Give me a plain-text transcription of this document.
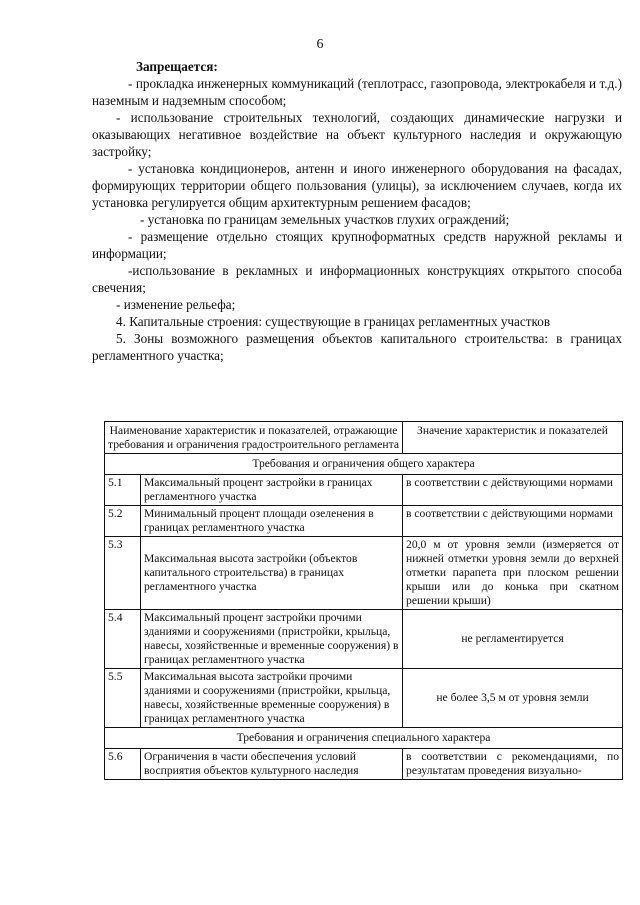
6
Запрещается:
- прокладка инженерных коммуникаций (теплотрасс, газопровода, электрокабеля и т.д.) наземным и надземным способом;
- использование строительных технологий, создающих динамические нагрузки и оказывающих негативное воздействие на объект культурного наследия и окружающую застройку;
- установка кондиционеров, антенн и иного инженерного оборудования на фасадах, формирующих территории общего пользования (улицы), за исключением случаев, когда их установка регулируется общим архитектурным решением фасадов;
- установка по границам земельных участков глухих ограждений;
- размещение отдельно стоящих крупноформатных средств наружной рекламы и информации;
-использование в рекламных и информационных конструкциях открытого способа свечения;
- изменение рельефа;
4. Капитальные строения: существующие в границах регламентных участков
5. Зоны возможного размещения объектов капитального строительства: в границах регламентного участка;
Наименование характеристик и показателей, отражающие требования и ограничения градостроительного регламента		Значение характеристик и показателей
Требования и ограничения общего характера		
5.1	Максимальный процент застройки в границах регламентного участка	в соответствии с действующими нормами
5.2	Минимальный процент площади озеленения в границах регламентного участка	в соответствии с действующими нормами
5.3	Максимальная высота застройки (объектов капитального строительства) в границах регламентного участка	20,0 м от уровня земли (измеряется от нижней отметки уровня земли до верхней отметки парапета при плоском решении крыши или до конька при скатном решении крыши)
5.4	Максимальный процент застройки прочими зданиями и сооружениями (пристройки, крыльца, навесы, хозяйственные и временные сооружения) в границах регламентного участка	не регламентируется
5.5	Максимальная высота застройки прочими зданиями и сооружениями (пристройки, крыльца, навесы, хозяйственные временные сооружения) в границах регламентного участка	не более 3,5 м от уровня земли
Требования и ограничения специального характера		
5.6	Ограничения в части обеспечения условий восприятия объектов культурного наследия	в соответствии с рекомендациями, по результатам проведения визуально-
